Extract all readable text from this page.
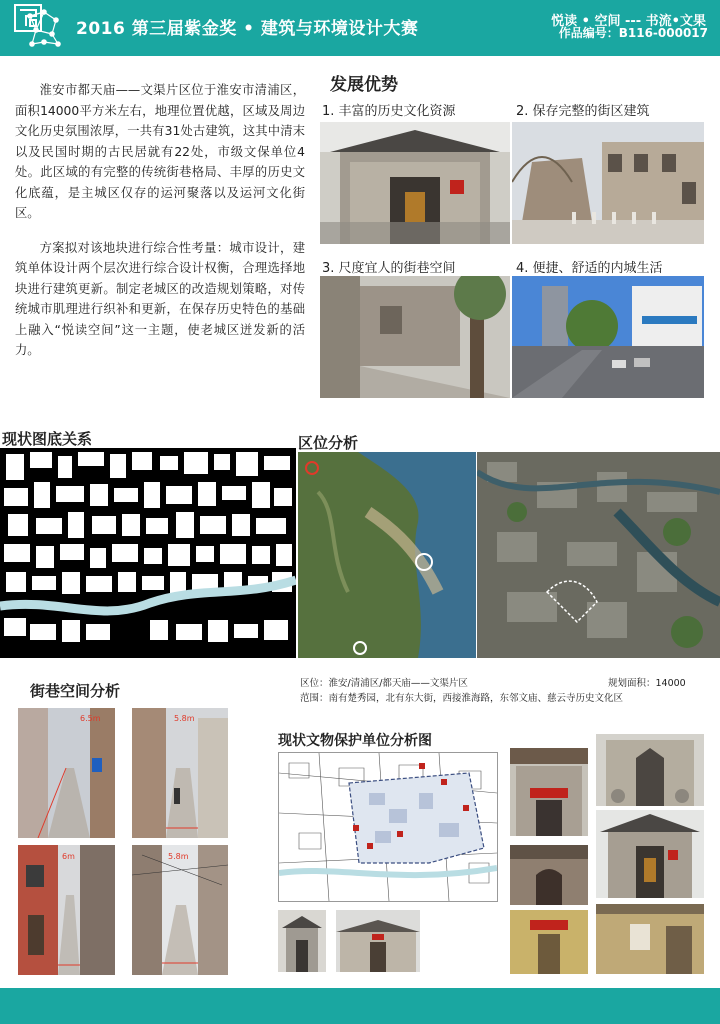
2016 第三届紫金奖 • 建筑与环境设计大赛	作品编号：B116-000017

淮安市都天庙——文渠片区位于淮安市清浦区，面积14000平方米左右，地理位置优越，区域及周边文化历史氛围浓厚，一共有31处古建筑，这其中清末以及民国时期的古民居就有22处，市级文保单位4处。此区域的有完整的传统街巷格局、丰厚的历史文化底蕴，是主城区仅存的运河聚落以及运河文化街区。

方案拟对该地块进行综合性考量：城市设计，建筑单体设计两个层次进行综合设计权衡，合理选择地块进行建筑更新。制定老城区的改造规划策略，对传统城市肌理进行织补和更新，在保存历史特色的基础上融入“悦读空间”这一主题，使老城区迸发新的活力。

发展优势
1. 丰富的历史文化资源	2. 保存完整的街区建筑
3. 尺度宜人的街巷空间	4. 便捷、舒适的内城生活
现状图底关系	区位分析
区位：淮安/清浦区/都天庙——文渠片区	规划面积：14000
范围：南有楚秀园，北有东大街，西接淮海路，东邻文庙、慈云寺历史文化区
街巷空间分析
6.5m	5.8m
6m	5.8m
现状文物保护单位分析图
悦读 • 空间 --- 书流•文果
